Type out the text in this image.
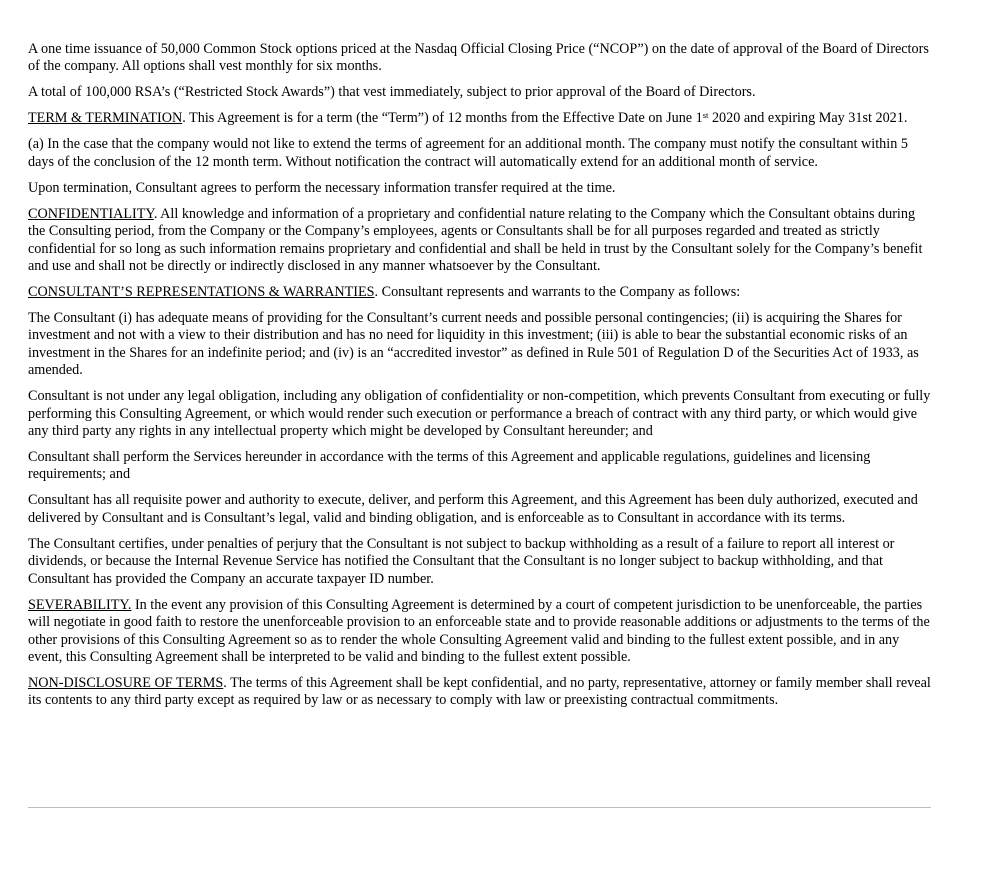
A one time issuance of 50,000 Common Stock options priced at the Nasdaq Official Closing Price (“NCOP”) on the date of approval of the Board of Directors of the company. All options shall vest monthly for six months.

A total of 100,000 RSA’s (“Restricted Stock Awards”) that vest immediately, subject to prior approval of the Board of Directors.

TERM & TERMINATION. This Agreement is for a term (the “Term”) of 12 months from the Effective Date on June 1st 2020 and expiring May 31st 2021.

(a) In the case that the company would not like to extend the terms of agreement for an additional month. The company must notify the consultant within 5 days of the conclusion of the 12 month term. Without notification the contract will automatically extend for an additional month of service.

Upon termination, Consultant agrees to perform the necessary information transfer required at the time.

CONFIDENTIALITY. All knowledge and information of a proprietary and confidential nature relating to the Company which the Consultant obtains during the Consulting period, from the Company or the Company’s employees, agents or Consultants shall be for all purposes regarded and treated as strictly confidential for so long as such information remains proprietary and confidential and shall be held in trust by the Consultant solely for the Company’s benefit and use and shall not be directly or indirectly disclosed in any manner whatsoever by the Consultant.

CONSULTANT’S REPRESENTATIONS & WARRANTIES. Consultant represents and warrants to the Company as follows:

The Consultant (i) has adequate means of providing for the Consultant’s current needs and possible personal contingencies; (ii) is acquiring the Shares for investment and not with a view to their distribution and has no need for liquidity in this investment; (iii) is able to bear the substantial economic risks of an investment in the Shares for an indefinite period; and (iv) is an “accredited investor” as defined in Rule 501 of Regulation D of the Securities Act of 1933, as amended.

Consultant is not under any legal obligation, including any obligation of confidentiality or non-competition, which prevents Consultant from executing or fully performing this Consulting Agreement, or which would render such execution or performance a breach of contract with any third party, or which would give any third party any rights in any intellectual property which might be developed by Consultant hereunder; and

Consultant shall perform the Services hereunder in accordance with the terms of this Agreement and applicable regulations, guidelines and licensing requirements; and

Consultant has all requisite power and authority to execute, deliver, and perform this Agreement, and this Agreement has been duly authorized, executed and delivered by Consultant and is Consultant’s legal, valid and binding obligation, and is enforceable as to Consultant in accordance with its terms.

The Consultant certifies, under penalties of perjury that the Consultant is not subject to backup withholding as a result of a failure to report all interest or dividends, or because the Internal Revenue Service has notified the Consultant that the Consultant is no longer subject to backup withholding, and that Consultant has provided the Company an accurate taxpayer ID number.

SEVERABILITY. In the event any provision of this Consulting Agreement is determined by a court of competent jurisdiction to be unenforceable, the parties will negotiate in good faith to restore the unenforceable provision to an enforceable state and to provide reasonable additions or adjustments to the terms of the other provisions of this Consulting Agreement so as to render the whole Consulting Agreement valid and binding to the fullest extent possible, and in any event, this Consulting Agreement shall be interpreted to be valid and binding to the fullest extent possible.

NON-DISCLOSURE OF TERMS. The terms of this Agreement shall be kept confidential, and no party, representative, attorney or family member shall reveal its contents to any third party except as required by law or as necessary to comply with law or preexisting contractual commitments.
